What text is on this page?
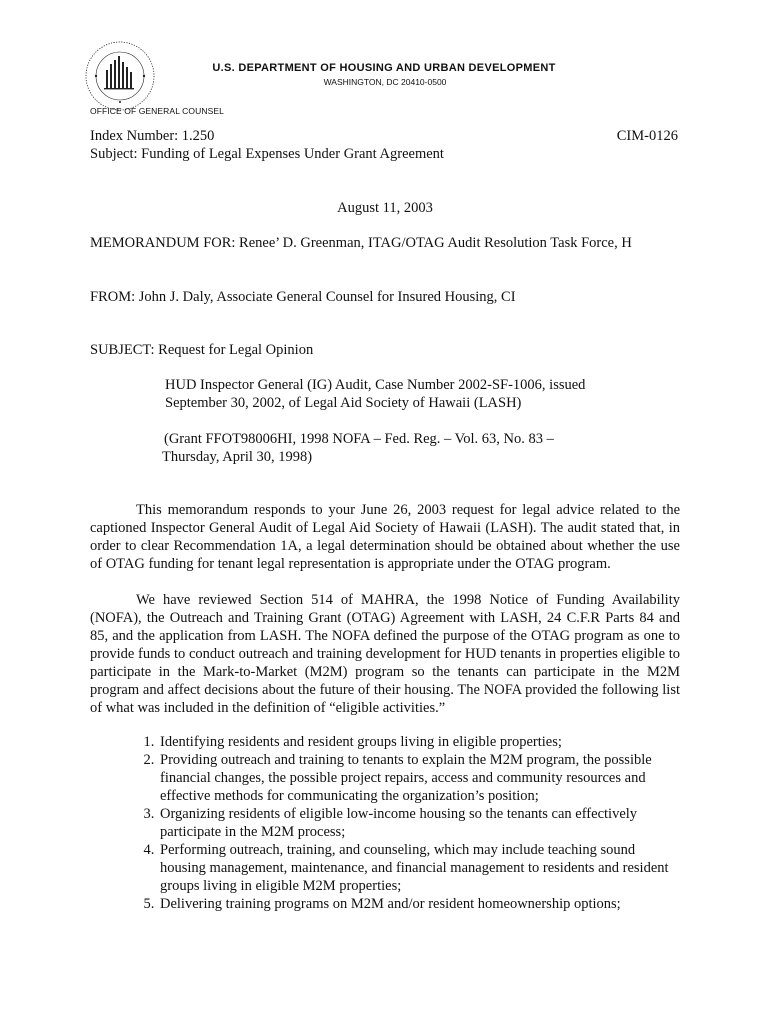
U.S. DEPARTMENT OF HOUSING AND URBAN DEVELOPMENT
WASHINGTON, DC 20410-0500
OFFICE OF GENERAL COUNSEL
Index Number: 1.250	CIM-0126
Subject: Funding of Legal Expenses Under Grant Agreement
August 11, 2003
MEMORANDUM FOR: Renee’ D. Greenman, ITAG/OTAG Audit Resolution Task Force, H
FROM: John J. Daly, Associate General Counsel for Insured Housing, CI
SUBJECT: Request for Legal Opinion
HUD Inspector General (IG) Audit, Case Number 2002-SF-1006, issued
September 30, 2002, of Legal Aid Society of Hawaii (LASH)
(Grant FFOT98006HI, 1998 NOFA – Fed. Reg. – Vol. 63, No. 83 –
Thursday, April 30, 1998)
This memorandum responds to your June 26, 2003 request for legal advice related to the captioned Inspector General Audit of Legal Aid Society of Hawaii (LASH). The audit stated that, in order to clear Recommendation 1A, a legal determination should be obtained about whether the use of OTAG funding for tenant legal representation is appropriate under the OTAG program.
We have reviewed Section 514 of MAHRA, the 1998 Notice of Funding Availability (NOFA), the Outreach and Training Grant (OTAG) Agreement with LASH, 24 C.F.R Parts 84 and 85, and the application from LASH. The NOFA defined the purpose of the OTAG program as one to provide funds to conduct outreach and training development for HUD tenants in properties eligible to participate in the Mark-to-Market (M2M) program so the tenants can participate in the M2M program and affect decisions about the future of their housing. The NOFA provided the following list of what was included in the definition of “eligible activities.”
1. Identifying residents and resident groups living in eligible properties;
2. Providing outreach and training to tenants to explain the M2M program, the possible financial changes, the possible project repairs, access and community resources and effective methods for communicating the organization’s position;
3. Organizing residents of eligible low-income housing so the tenants can effectively participate in the M2M process;
4. Performing outreach, training, and counseling, which may include teaching sound housing management, maintenance, and financial management to residents and resident groups living in eligible M2M properties;
5. Delivering training programs on M2M and/or resident homeownership options;
